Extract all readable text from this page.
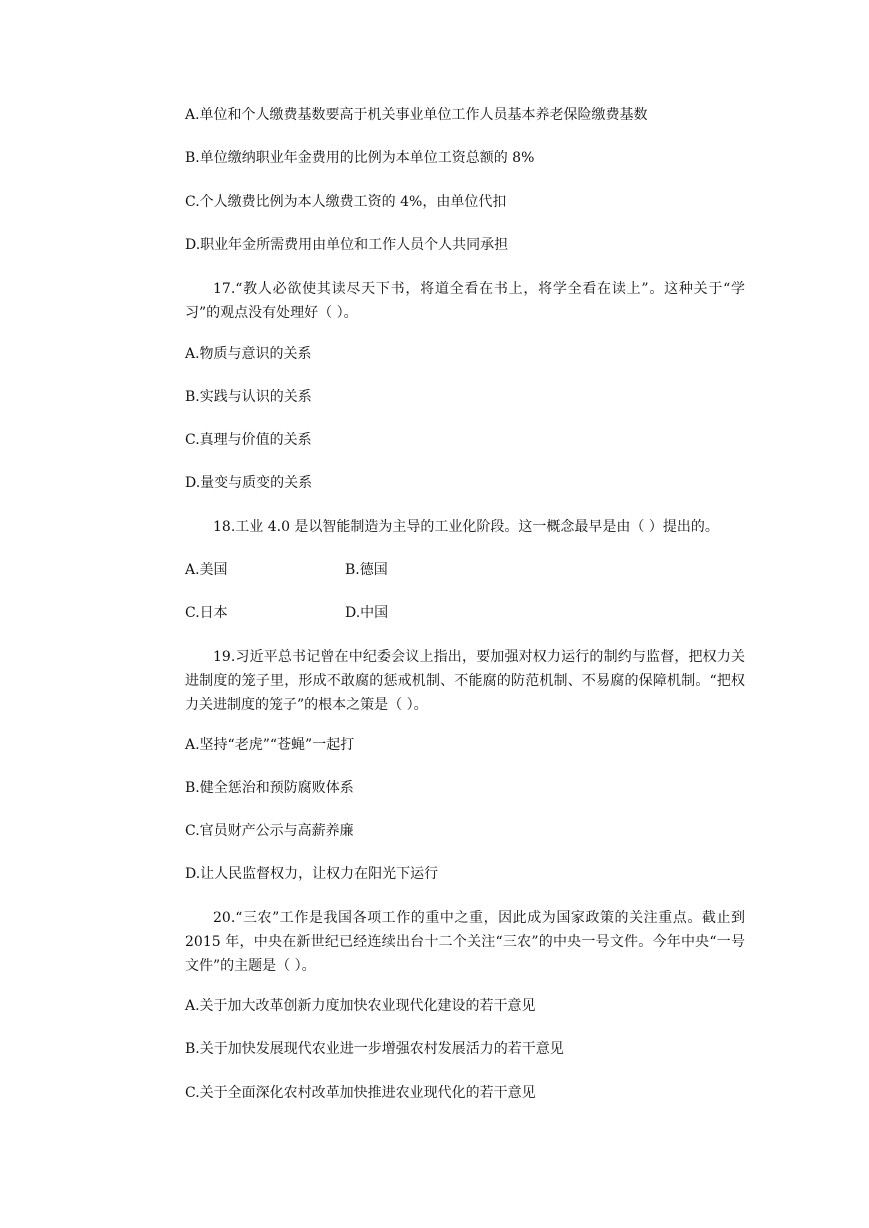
A.单位和个人缴费基数要高于机关事业单位工作人员基本养老保险缴费基数
B.单位缴纳职业年金费用的比例为本单位工资总额的 8%
C.个人缴费比例为本人缴费工资的 4%，由单位代扣
D.职业年金所需费用由单位和工作人员个人共同承担
17.“教人必欲使其读尽天下书，将道全看在书上，将学全看在读上”。这种关于“学习”的观点没有处理好（ ）。
A.物质与意识的关系
B.实践与认识的关系
C.真理与价值的关系
D.量变与质变的关系
18.工业 4.0 是以智能制造为主导的工业化阶段。这一概念最早是由（ ）提出的。
A.美国	B.德国
C.日本	D.中国
19.习近平总书记曾在中纪委会议上指出，要加强对权力运行的制约与监督，把权力关进制度的笼子里，形成不敢腐的惩戒机制、不能腐的防范机制、不易腐的保障机制。“把权力关进制度的笼子”的根本之策是（ ）。
A.坚持“老虎”“苍蝇”一起打
B.健全惩治和预防腐败体系
C.官员财产公示与高薪养廉
D.让人民监督权力，让权力在阳光下运行
20.“三农”工作是我国各项工作的重中之重，因此成为国家政策的关注重点。截止到 2015 年，中央在新世纪已经连续出台十二个关注“三农”的中央一号文件。今年中央“一号文件”的主题是（ ）。
A.关于加大改革创新力度加快农业现代化建设的若干意见
B.关于加快发展现代农业进一步增强农村发展活力的若干意见
C.关于全面深化农村改革加快推进农业现代化的若干意见
